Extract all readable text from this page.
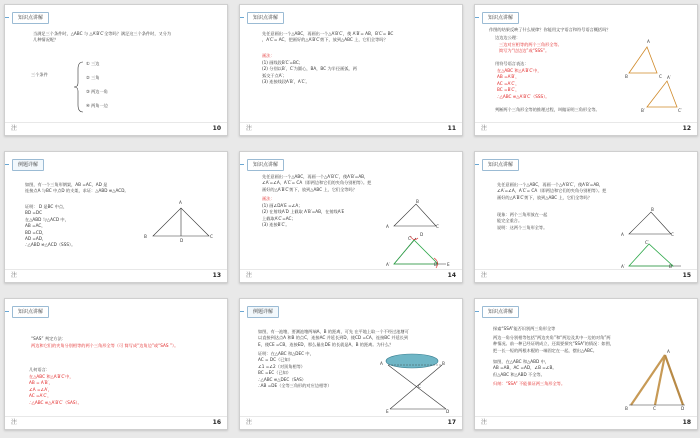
知识点讲解
当满足三个条件时，△ABC 与 △A′B′C′全等吗？满足这三个条件时，又分为
几种情况呢？
三个条件
① 三边
② 三角
③ 两边一角
④ 两角一边
注	10
知识点讲解
先任意画出一个△ABC，再画出一个△A′B′C′，使 A′B′= AB，B′C′= BC
，A′C′= AC，把画好的△A′B′C′剪下，放到△ABC 上，它们全等吗？
画法：
(1) 画线段B′C′=BC；
(2) 分别以B′，C′为圆心，BA，BC 为半径画弧，两
弧交于点A′；
(3) 连接线段A′B′，A′C′。
注	11
知识点讲解
作图的结果反映了什么规律？你能用文字语言和符号语言概括吗？
边边边公理：
三边对应相等的两个三角形全等。
简写为“边边边”或“SSS”。
用符号语言表达：
在△ABC 和△A′B′C′中，
AB =A′B′，
AC =A′C′，
BC =B′C′，
∴△ABC ≌△A′B′C′（SSS）。
判断两个三角形全等的推理过程，叫做证明三角形全等。
A
B	C A′
B′	C′
注	12
例题详解
如图，有一个三角形钢架，AB =AC，AD 是
连接点A 与BC 中点D 的支架，求证：△ABD ≌△ACD。
证明： D 是BC 中点，
BD =DC
在△ABD 与△ACD 中，
AB =AC，
BD =CD，
AD =AD，
∴△ABD ≌△ACD（SSS）。
A
B	C
D
注	13
知识点讲解
先任意画出一个△ABC，再画一个△A′B′C′，使A′B′=AB，
∠A′=∠A，A′C′= CA（即两边和它们的夹角分别相等）。把
画好的△A′B′C′剪下，放到△ABC 上，它们全等吗？
画法：
(1) 画∠DA′E =∠A；
(2) 在射线A′D 上截取 A′B′=AB，在射线A′E
上截取A′C′=AC；
(3) 连接B′C′。	A
B
C
C′
D
A′	B′ E
注	14
知识点讲解
先任意画出一个△ABC，再画一个△A′B′C′，使A′B′=AB，
∠A′=∠A，A′C′= CA（即两边和它们的夹角分别相等）。把
画好的△A′B′C′剪下，放到△ABC 上，它们全等吗？
现象：两个三角形放在一起
能完全重合。
说明：这两个三角形全等。
A
B
C
C′
A′	B′
注	15
知识点讲解
“SAS” 判定方法：
两边和它们的夹角分别相等的两个三角形全等（可 简写成“边角边”或“SAS ”）。
几何语言：
在△ABC 和△A′B′C′中，
AB = A′B′，
∠A =∠A′，
AC =A′C′，
∴△ABC ≌△A′B′C′（SAS）。
注	16
例题详解
如图，有一池塘，要测池塘两端A，B 的距离，可先 在平地上取一个不经过池塘可
以直接到达点A 和B 的点C，连接AC 并延长到D，使CD =CA，连接BC 并延长到
E，使CE =CB，连接ED，那么量出DE 的长就是A，B 的距离。为什么？
证明：在△ABC 和△DEC 中，
AC = DC（已知）
∠1 =∠2（对顶角相等）
BC =EC（已知）
∴△ABC ≌△DEC（SAS）
∴AB =DE（全等三角形的对应边相等）
A	B
C
E	D
注	17
知识点讲解
探索“SSA”能否识别两三角形全等
两边一角分别相等包括“两边夹角”和“两边及其中一边的对角”两
种情况。前一种已经证明成立，还需要探究“SSA”的情况：如图，
把一长一短的两根木棍的一端固定在一起，摆出△ABC。
如图，在△ABC 和△ABD 中，
AB =AB，AC =AD，∠B =∠B。
但△ABC 和△ABD 不全等。
归纳：“SSA” 不能保证两三角形全等。
A
B	C	D
注	18
